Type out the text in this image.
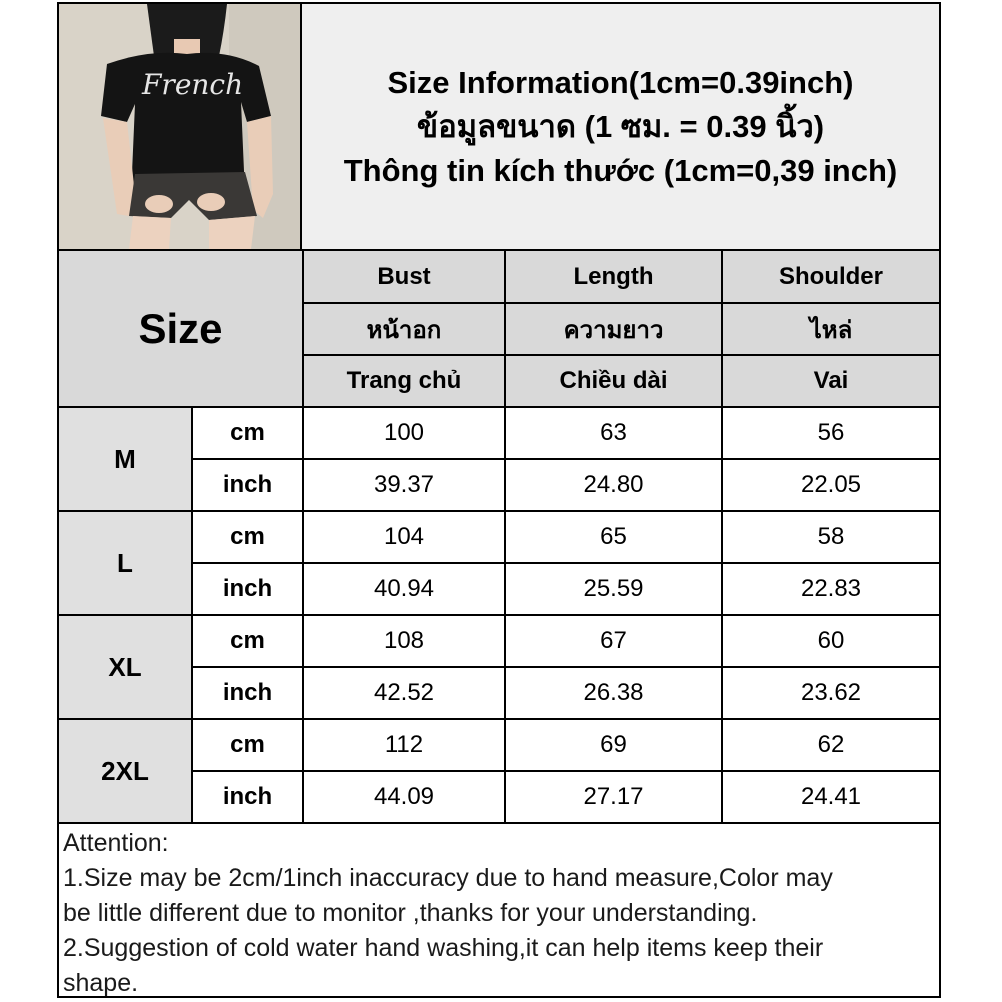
French	Size Information(1cm=0.39inch)
ข้อมูลขนาด (1 ซม. = 0.39 นิ้ว)
Thông tin kích thước (1cm=0,39 inch)
Size
Bust	Length	Shoulder
หน้าอก	ความยาว	ไหล่
Trang chủ	Chiều dài	Vai
M
cm	100	63	56
inch	39.37	24.80	22.05
L
cm	104	65	58
inch	40.94	25.59	22.83
XL
cm	108	67	60
inch	42.52	26.38	23.62
2XL
cm	112	69	62
inch	44.09	27.17	24.41
Attention:
1.Size may be 2cm/1inch inaccuracy due to hand measure,Color may
be little different due to monitor ,thanks for your understanding.
2.Suggestion of cold water hand washing,it can help items keep their
shape.
